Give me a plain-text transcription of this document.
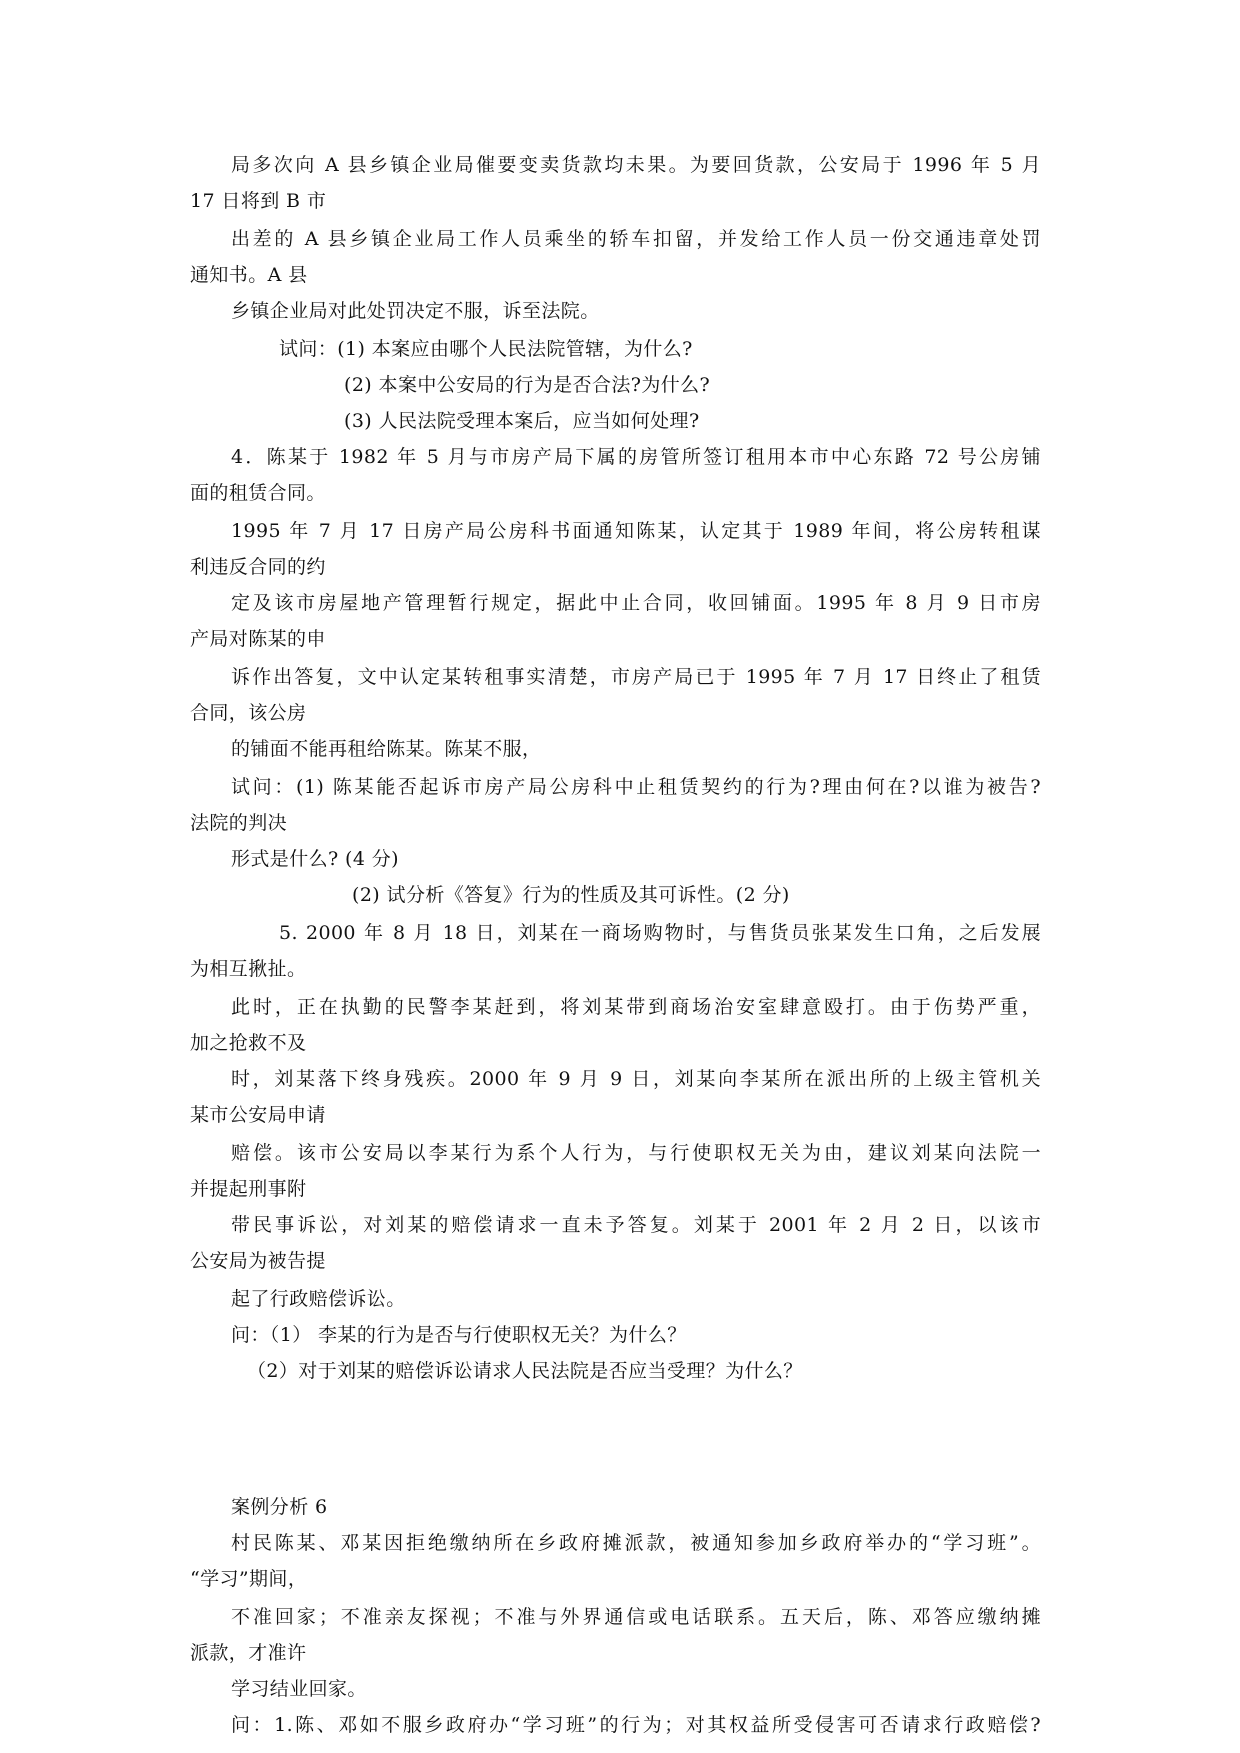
局多次向 A 县乡镇企业局催要变卖货款均未果。为要回货款，公安局于 1996 年 5 月
17 日将到 B 市
出差的 A 县乡镇企业局工作人员乘坐的轿车扣留，并发给工作人员一份交通违章处罚
通知书。A 县
乡镇企业局对此处罚决定不服，诉至法院。
试问：(1) 本案应由哪个人民法院管辖，为什么?
(2) 本案中公安局的行为是否合法?为什么?
(3) 人民法院受理本案后，应当如何处理?
4．陈某于 1982 年 5 月与市房产局下属的房管所签订租用本市中心东路 72 号公房铺
面的租赁合同。
1995 年 7 月 17 日房产局公房科书面通知陈某，认定其于 1989 年间，将公房转租谋
利违反合同的约
定及该市房屋地产管理暂行规定，据此中止合同，收回铺面。1995 年 8 月 9 日市房
产局对陈某的申
诉作出答复，文中认定某转租事实清楚，市房产局已于 1995 年 7 月 17 日终止了租赁
合同，该公房
的铺面不能再租给陈某。陈某不服，
试问：(1) 陈某能否起诉市房产局公房科中止租赁契约的行为?理由何在?以谁为被告?
法院的判决
形式是什么? (4 分)
(2) 试分析《答复》行为的性质及其可诉性。(2 分)
5. 2000 年 8 月 18 日，刘某在一商场购物时，与售货员张某发生口角，之后发展
为相互揪扯。
此时，正在执勤的民警李某赶到，将刘某带到商场治安室肆意殴打。由于伤势严重，
加之抢救不及
时，刘某落下终身残疾。2000 年 9 月 9 日，刘某向李某所在派出所的上级主管机关
某市公安局申请
赔偿。该市公安局以李某行为系个人行为，与行使职权无关为由，建议刘某向法院一
并提起刑事附
带民事诉讼，对刘某的赔偿请求一直未予答复。刘某于 2001 年 2 月 2 日，以该市
公安局为被告提
起了行政赔偿诉讼。
问：（1） 李某的行为是否与行使职权无关？为什么？
（2）对于刘某的赔偿诉讼请求人民法院是否应当受理？为什么？
案例分析 6
村民陈某、邓某因拒绝缴纳所在乡政府摊派款，被通知参加乡政府举办的“学习班”。
“学习”期间，
不准回家；不准亲友探视；不准与外界通信或电话联系。五天后，陈、邓答应缴纳摊
派款，才准许
学习结业回家。
问：1.陈、邓如不服乡政府办“学习班”的行为；对其权益所受侵害可否请求行政赔偿?
